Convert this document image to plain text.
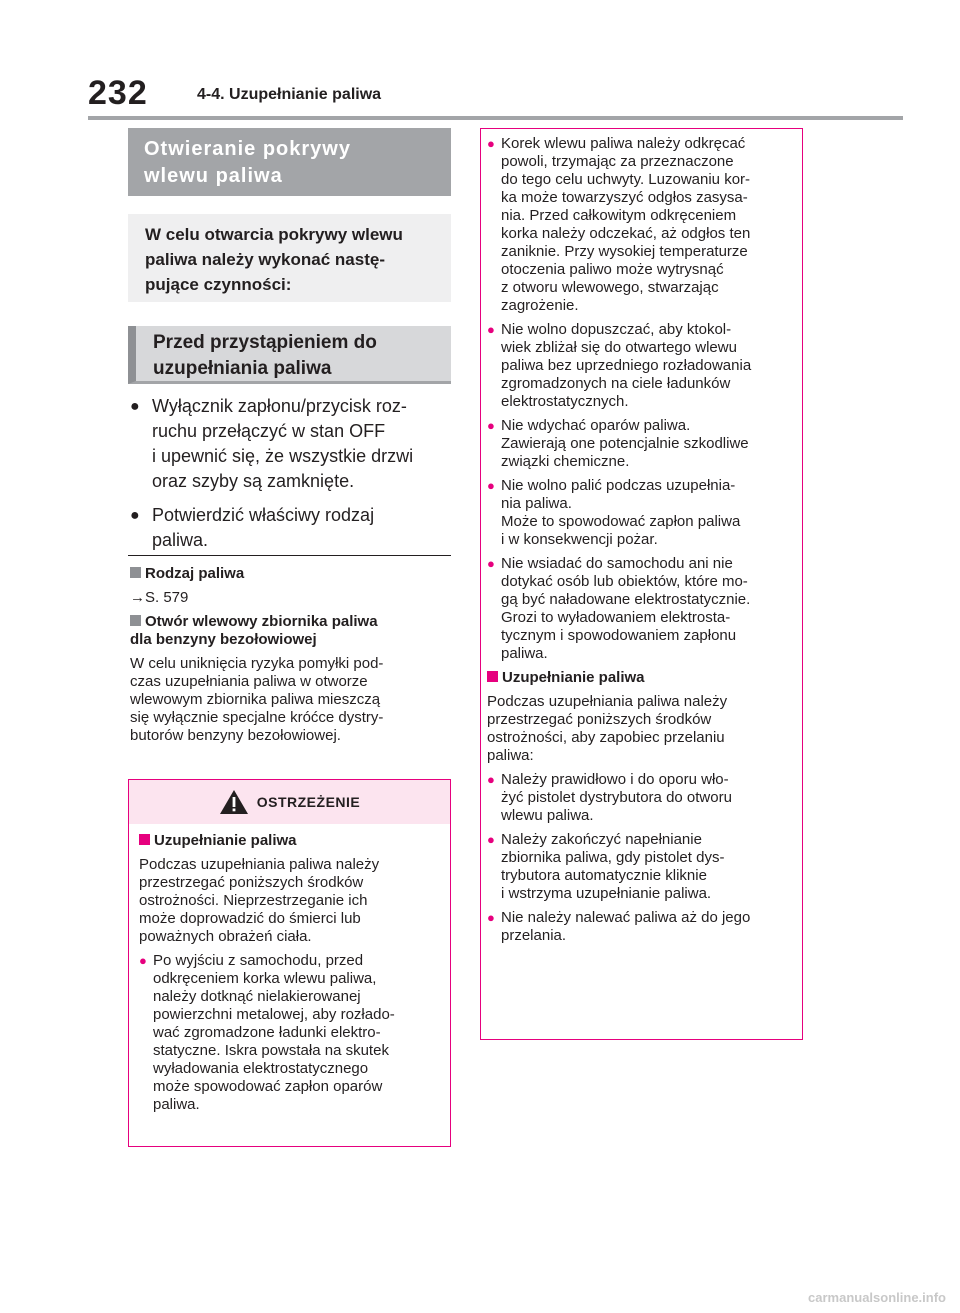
232	4-4. Uzupełnianie paliwa
Otwieranie pokrywy
wlewu paliwa
W celu otwarcia pokrywy wlewu
paliwa należy wykonać nastę-
pujące czynności:
Przed przystąpieniem do
uzupełniania paliwa
● Wyłącznik zapłonu/przycisk roz-
ruchu przełączyć w stan OFF
i upewnić się, że wszystkie drzwi
oraz szyby są zamknięte.
● Potwierdzić właściwy rodzaj
paliwa.
Rodzaj paliwa

→S. 579

Otwór wlewowy zbiornika paliwa
dla benzyny bezołowiowej
W celu uniknięcia ryzyka pomyłki pod-
czas uzupełniania paliwa w otworze
wlewowym zbiornika paliwa mieszczą
się wyłącznie specjalne króćce dystry-
butorów benzyny bezołowiowej.
OSTRZEŻENIE
Uzupełnianie paliwa

Podczas uzupełniania paliwa należy
przestrzegać poniższych środków
ostrożności. Nieprzestrzeganie ich
może doprowadzić do śmierci lub
poważnych obrażeń ciała.

● Po wyjściu z samochodu, przed
odkręceniem korka wlewu paliwa,
należy dotknąć nielakierowanej
powierzchni metalowej, aby rozłado-
wać zgromadzone ładunki elektro-
statyczne. Iskra powstała na skutek
wyładowania elektrostatycznego
może spowodować zapłon oparów
paliwa.
● Korek wlewu paliwa należy odkręcać
powoli, trzymając za przeznaczone
do tego celu uchwyty. Luzowaniu kor-
ka może towarzyszyć odgłos zasysa-
nia. Przed całkowitym odkręceniem
korka należy odczekać, aż odgłos ten
zaniknie. Przy wysokiej temperaturze
otoczenia paliwo może wytrysnąć
z otworu wlewowego, stwarzając
zagrożenie.
● Nie wolno dopuszczać, aby ktokol-
wiek zbliżał się do otwartego wlewu
paliwa bez uprzedniego rozładowania
zgromadzonych na ciele ładunków
elektrostatycznych.
● Nie wdychać oparów paliwa.
Zawierają one potencjalnie szkodliwe
związki chemiczne.
● Nie wolno palić podczas uzupełnia-
nia paliwa.
Może to spowodować zapłon paliwa
i w konsekwencji pożar.
● Nie wsiadać do samochodu ani nie
dotykać osób lub obiektów, które mo-
gą być naładowane elektrostatycznie.
Grozi to wyładowaniem elektrosta-
tycznym i spowodowaniem zapłonu
paliwa.
Uzupełnianie paliwa

Podczas uzupełniania paliwa należy
przestrzegać poniższych środków
ostrożności, aby zapobiec przelaniu
paliwa:

● Należy prawidłowo i do oporu wło-
żyć pistolet dystrybutora do otworu
wlewu paliwa.
● Należy zakończyć napełnianie
zbiornika paliwa, gdy pistolet dys-
trybutora automatycznie kliknie
i wstrzyma uzupełnianie paliwa.
● Nie należy nalewać paliwa aż do jego
przelania.
carmanualsonline.info
